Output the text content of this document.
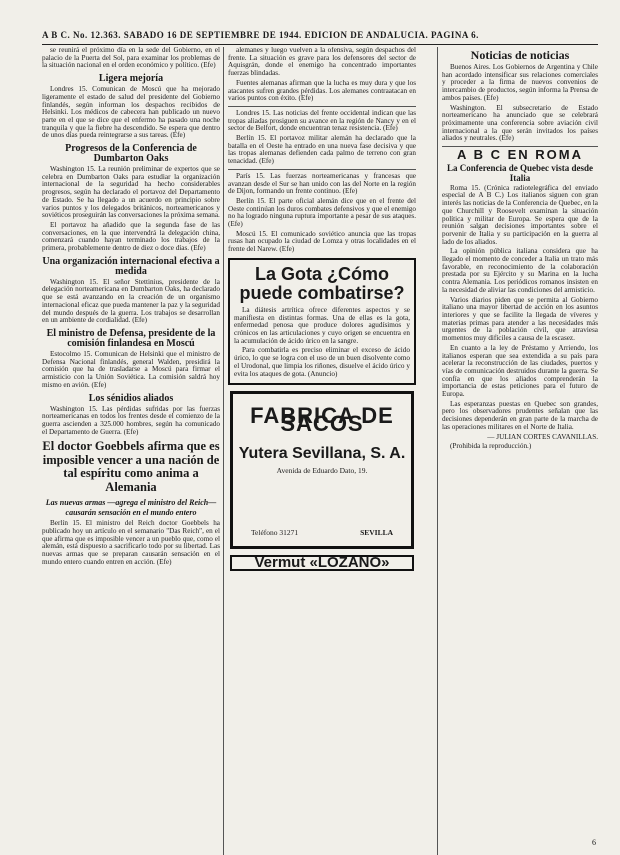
A B C. No. 12.363. SABADO 16 DE SEPTIEMBRE DE 1944. EDICION DE ANDALUCIA. PAGINA 6.

se reunirá el próximo día en la sede del Gobierno, en el palacio de la Puerta del Sol, para examinar los problemas de la situación nacional en el orden económico y político. (Efe)

Ligera mejoría

Londres 15. Comunican de Moscú que ha mejorado ligeramente el estado de salud del presidente del Gobierno finlandés, según informan los despachos recibidos de Helsinki. Los médicos de cabecera han publicado un nuevo parte en el que se dice que el enfermo ha pasado una noche tranquila y que la fiebre ha descendido. Se espera que dentro de unos días pueda reintegrarse a sus tareas. (Efe)

Progresos de la Conferencia de Dumbarton Oaks

Washington 15. La reunión preliminar de expertos que se celebra en Dumbarton Oaks para estudiar la organización internacional de la seguridad ha hecho considerables progresos, según ha declarado el portavoz del Departamento de Estado. Se ha llegado a un acuerdo en principio sobre varios puntos y los delegados británicos, norteamericanos y soviéticos proseguirán las conversaciones la próxima semana.

El portavoz ha añadido que la segunda fase de las conversaciones, en la que intervendrá la delegación china, comenzará cuando hayan terminado los trabajos de la primera, probablemente dentro de diez o doce días. (Efe)

Una organización internacional efectiva a medida

Washington 15. El señor Stettinius, presidente de la delegación norteamericana en Dumbarton Oaks, ha declarado que se está avanzando en la creación de un organismo internacional eficaz que pueda mantener la paz y la seguridad del mundo después de la guerra. Los trabajos se desarrollan en un ambiente de cordialidad. (Efe)

El ministro de Defensa, presidente de la comisión finlandesa en Moscú

Estocolmo 15. Comunican de Helsinki que el ministro de Defensa Nacional finlandés, general Walden, presidirá la comisión que ha de trasladarse a Moscú para firmar el armisticio con la Unión Soviética. La comisión saldrá hoy mismo en avión. (Efe)

Los sénidios aliados

Washington 15. Las pérdidas sufridas por las fuerzas norteamericanas en todos los frentes desde el comienzo de la guerra ascienden a 325.000 hombres, según ha comunicado el Departamento de Guerra. (Efe)

El doctor Goebbels afirma que es imposible vencer a una nación de tal espíritu como anima a Alemania
Las nuevas armas —agrega el ministro del Reich— causarán sensación en el mundo entero

Berlín 15. El ministro del Reich doctor Goebbels ha publicado hoy un artículo en el semanario "Das Reich", en el que afirma que es imposible vencer a un pueblo que, como el alemán, está dispuesto a sacrificarlo todo por su libertad. Las nuevas armas que se preparan causarán sensación en el mundo entero cuando entren en acción. (Efe)

alemanes y luego vuelven a la ofensiva, según despachos del frente. La situación es grave para los defensores del sector de Aquisgrán, donde el enemigo ha concentrado importantes fuerzas blindadas.

Fuentes alemanas afirman que la lucha es muy dura y que los atacantes sufren grandes pérdidas. Los alemanes contraatacan en varios puntos con éxito. (Efe)

Londres 15. Las noticias del frente occidental indican que las tropas aliadas prosiguen su avance en la región de Nancy y en el sector de Belfort, donde encuentran tenaz resistencia. (Efe)

Berlín 15. El portavoz militar alemán ha declarado que la batalla en el Oeste ha entrado en una nueva fase decisiva y que las tropas alemanas defienden cada palmo de terreno con gran tenacidad. (Efe)

París 15. Las fuerzas norteamericanas y francesas que avanzan desde el Sur se han unido con las del Norte en la región de Dijon, formando un frente continuo. (Efe)

Berlín 15. El parte oficial alemán dice que en el frente del Oeste continúan los duros combates defensivos y que el enemigo no ha logrado ninguna ruptura importante a pesar de sus ataques. (Efe)

Moscú 15. El comunicado soviético anuncia que las tropas rusas han ocupado la ciudad de Lomza y otras localidades en el frente del Narew. (Efe)

La Gota ¿Cómo puede combatirse?

La diátesis artrítica ofrece diferentes aspectos y se manifiesta en distintas formas. Una de ellas es la gota, enfermedad penosa que produce dolores agudísimos y crónicos en las articulaciones y cuyo origen se encuentra en la acumulación de ácido úrico en la sangre.

Para combatirla es preciso eliminar el exceso de ácido úrico, lo que se logra con el uso de un buen disolvente como el Urodonal, que limpia los riñones, disuelve el ácido úrico y evita los ataques de gota. (Anuncio)

FABRICA DE SACOS
Yutera Sevillana, S. A.
Avenida de Eduardo Dato, 19.
Teléfono 31271	SEVILLA
Vermut «LOZANO»
Noticias de noticias

Buenos Aires. Los Gobiernos de Argentina y Chile han acordado intensificar sus relaciones comerciales y proceder a la firma de nuevos convenios de intercambio de productos, según informa la Prensa de ambos países. (Efe)

Washington. El subsecretario de Estado norteamericano ha anunciado que se celebrará próximamente una conferencia sobre aviación civil internacional a la que serán invitados los países aliados y neutrales. (Efe)

A B C EN ROMA
La Conferencia de Quebec vista desde Italia

Roma 15. (Crónica radiotelegráfica del enviado especial de A B C.) Los italianos siguen con gran interés las noticias de la Conferencia de Quebec, en la que Churchill y Roosevelt examinan la situación política y militar de Europa. Se espera que de la reunión salgan decisiones importantes sobre el porvenir de Italia y su participación en la guerra al lado de los aliados.

La opinión pública italiana considera que ha llegado el momento de conceder a Italia un trato más favorable, en reconocimiento de la colaboración prestada por su Ejército y su Marina en la lucha contra Alemania. Los periódicos romanos insisten en la necesidad de aliviar las condiciones del armisticio.

Varios diarios piden que se permita al Gobierno italiano una mayor libertad de acción en los asuntos interiores y que se facilite la llegada de víveres y materias primas para atender a las necesidades más urgentes de la población civil, que atraviesa momentos muy difíciles a causa de la escasez.

En cuanto a la ley de Préstamo y Arriendo, los italianos esperan que sea extendida a su país para acelerar la reconstrucción de las ciudades, puertos y vías de comunicación destruidos durante la guerra. Se confía en que los aliados comprenderán la importancia de estas peticiones para el futuro de Europa.

Las esperanzas puestas en Quebec son grandes, pero los observadores prudentes señalan que las decisiones dependerán en gran parte de la marcha de las operaciones militares en el Norte de Italia.

— JULIAN CORTES CAVANILLAS.

(Prohibida la reproducción.)

6
